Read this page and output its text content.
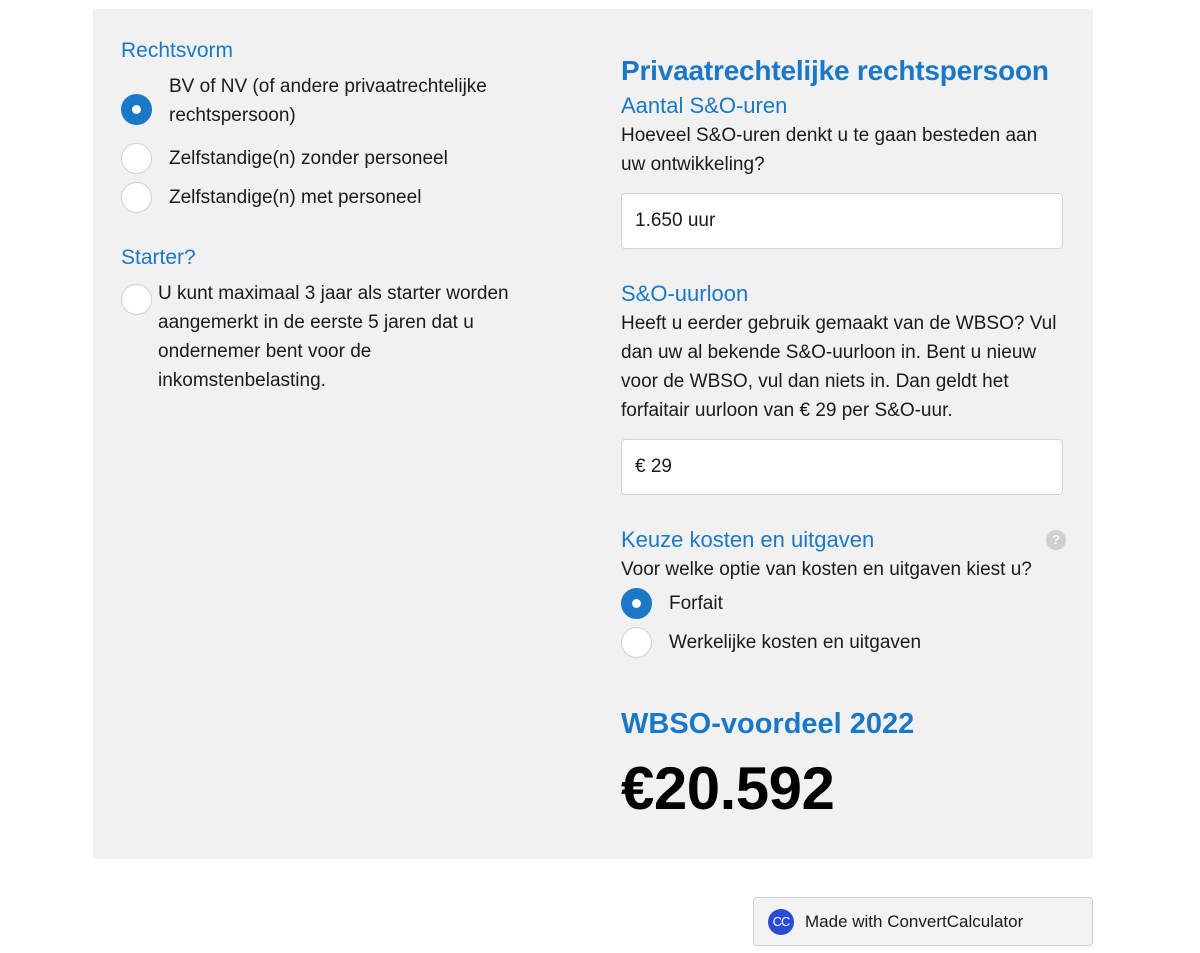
Rechtsvorm
BV of NV (of andere privaatrechtelijke rechtspersoon)
Zelfstandige(n) zonder personeel
Zelfstandige(n) met personeel
Starter?
U kunt maximaal 3 jaar als starter worden aangemerkt in de eerste 5 jaren dat u ondernemer bent voor de inkomstenbelasting.
Privaatrechtelijke rechtspersoon
Aantal S&O-uren
Hoeveel S&O-uren denkt u te gaan besteden aan uw ontwikkeling?
1.650 uur
S&O-uurloon
Heeft u eerder gebruik gemaakt van de WBSO? Vul dan uw al bekende S&O-uurloon in. Bent u nieuw voor de WBSO, vul dan niets in. Dan geldt het forfaitair uurloon van € 29 per S&O-uur.
€ 29
Keuze kosten en uitgaven	?
Voor welke optie van kosten en uitgaven kiest u?
Forfait
Werkelijke kosten en uitgaven
WBSO-voordeel 2022
€20.592
CC Made with ConvertCalculator
